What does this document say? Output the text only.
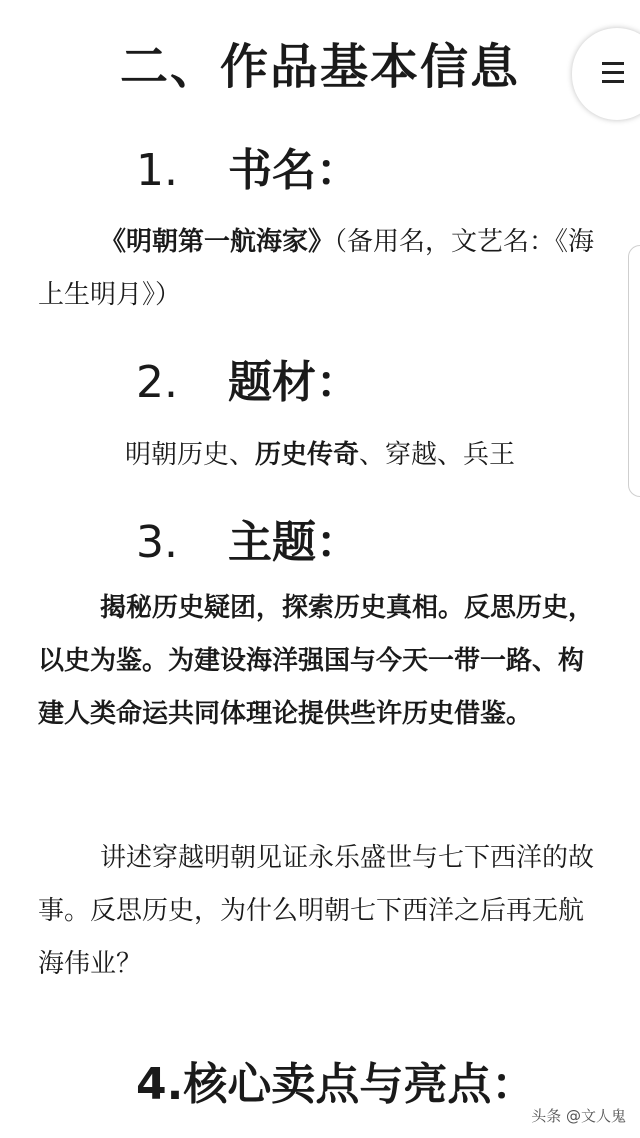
二、作品基本信息
1. 书名：

《明朝第一航海家》（备用名，文艺名：《海上生明月》）

2. 题材：

明朝历史、历史传奇、穿越、兵王

3. 主题：

揭秘历史疑团，探索历史真相。反思历史，以史为鉴。为建设海洋强国与今天一带一路、构建人类命运共同体理论提供些许历史借鉴。

讲述穿越明朝见证永乐盛世与七下西洋的故事。反思历史，为什么明朝七下西洋之后再无航海伟业？

4.核心卖点与亮点：
头条 @文人鬼
